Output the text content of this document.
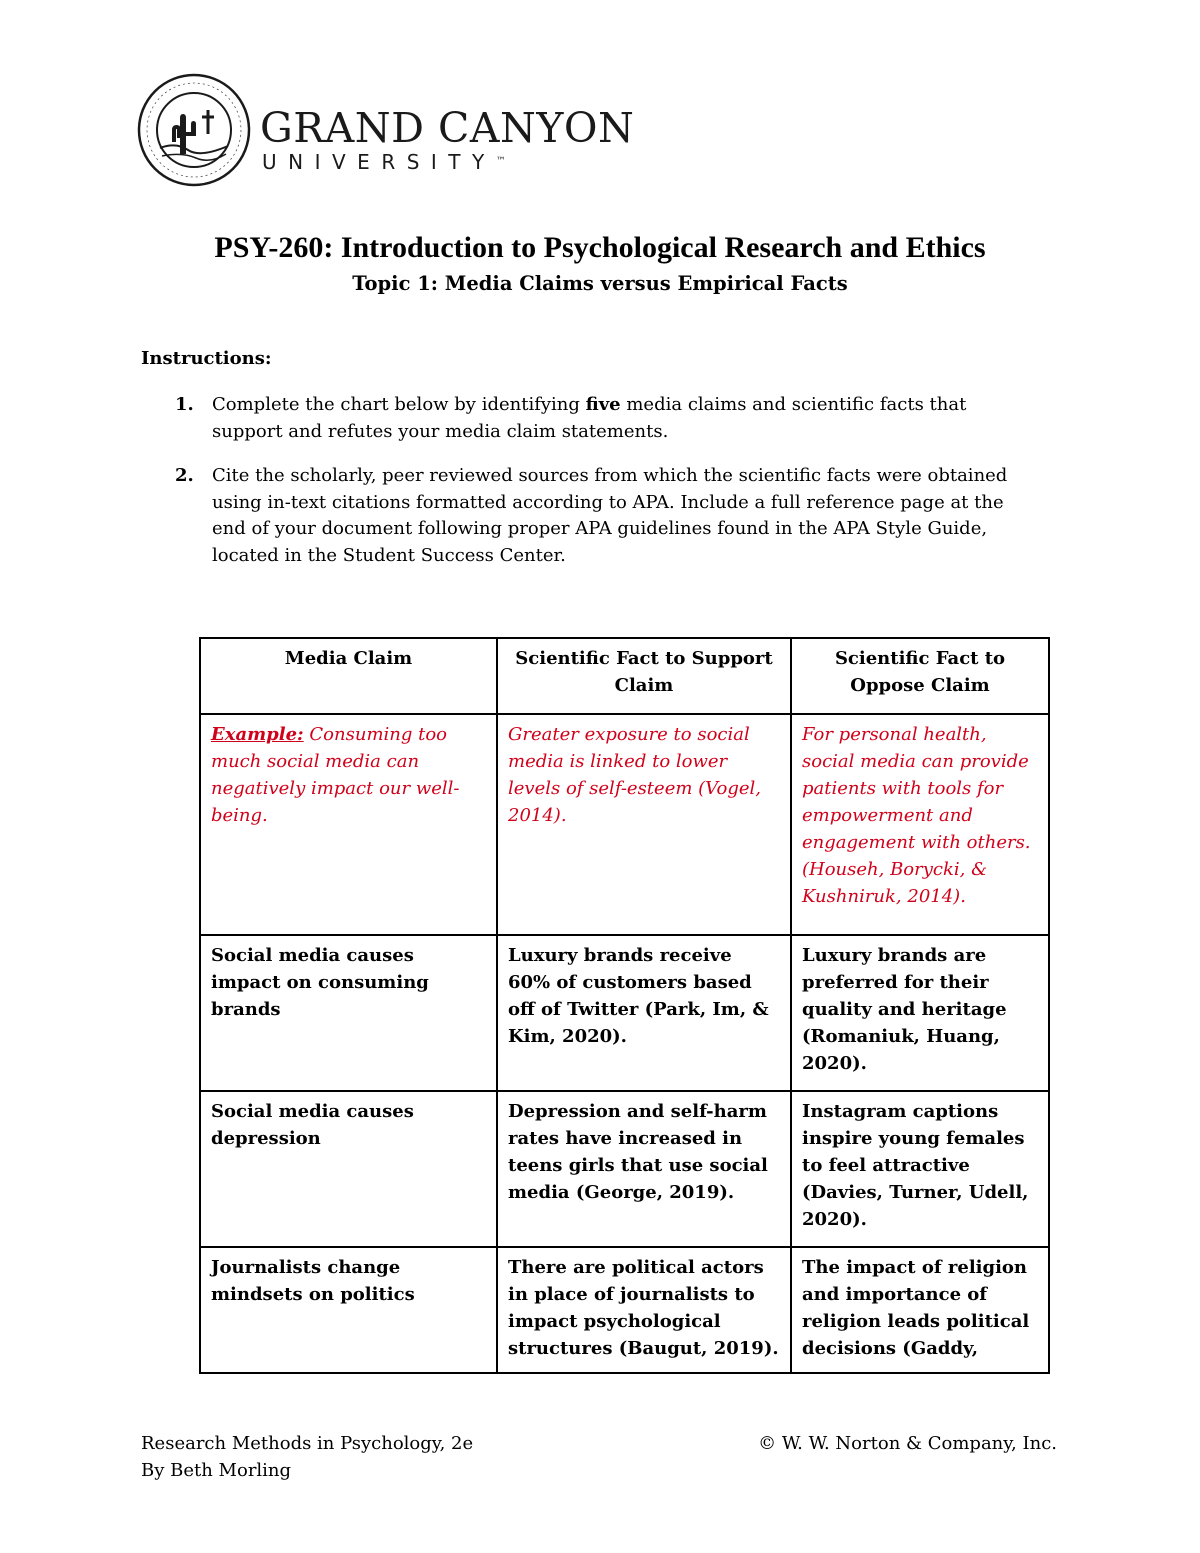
GRAND CANYON
UNIVERSITY™
PSY-260: Introduction to Psychological Research and Ethics
Topic 1: Media Claims versus Empirical Facts

Instructions:

1. Complete the chart below by identifying five media claims and scientific facts that support and refutes your media claim statements.
2. Cite the scholarly, peer reviewed sources from which the scientific facts were obtained using in-text citations formatted according to APA. Include a full reference page at the end of your document following proper APA guidelines found in the APA Style Guide, located in the Student Success Center.
Media Claim	Scientific Fact to Support Claim	Scientific Fact to Oppose Claim
Example: Consuming too much social media can negatively impact our well-being.	Greater exposure to social media is linked to lower levels of self-esteem (Vogel, 2014).	For personal health, social media can provide patients with tools for empowerment and engagement with others. (Househ, Borycki, & Kushniruk, 2014).
Social media causes impact on consuming brands	Luxury brands receive 60% of customers based off of Twitter (Park, Im, & Kim, 2020).	Luxury brands are preferred for their quality and heritage (Romaniuk, Huang, 2020).
Social media causes depression	Depression and self-harm rates have increased in teens girls that use social media (George, 2019).	Instagram captions inspire young females to feel attractive (Davies, Turner, Udell, 2020).
Journalists change mindsets on politics	There are political actors in place of journalists to impact psychological structures (Baugut, 2019).	The impact of religion and importance of religion leads political decisions (Gaddy,
Research Methods in Psychology, 2e
By Beth Morling
© W. W. Norton & Company, Inc.
